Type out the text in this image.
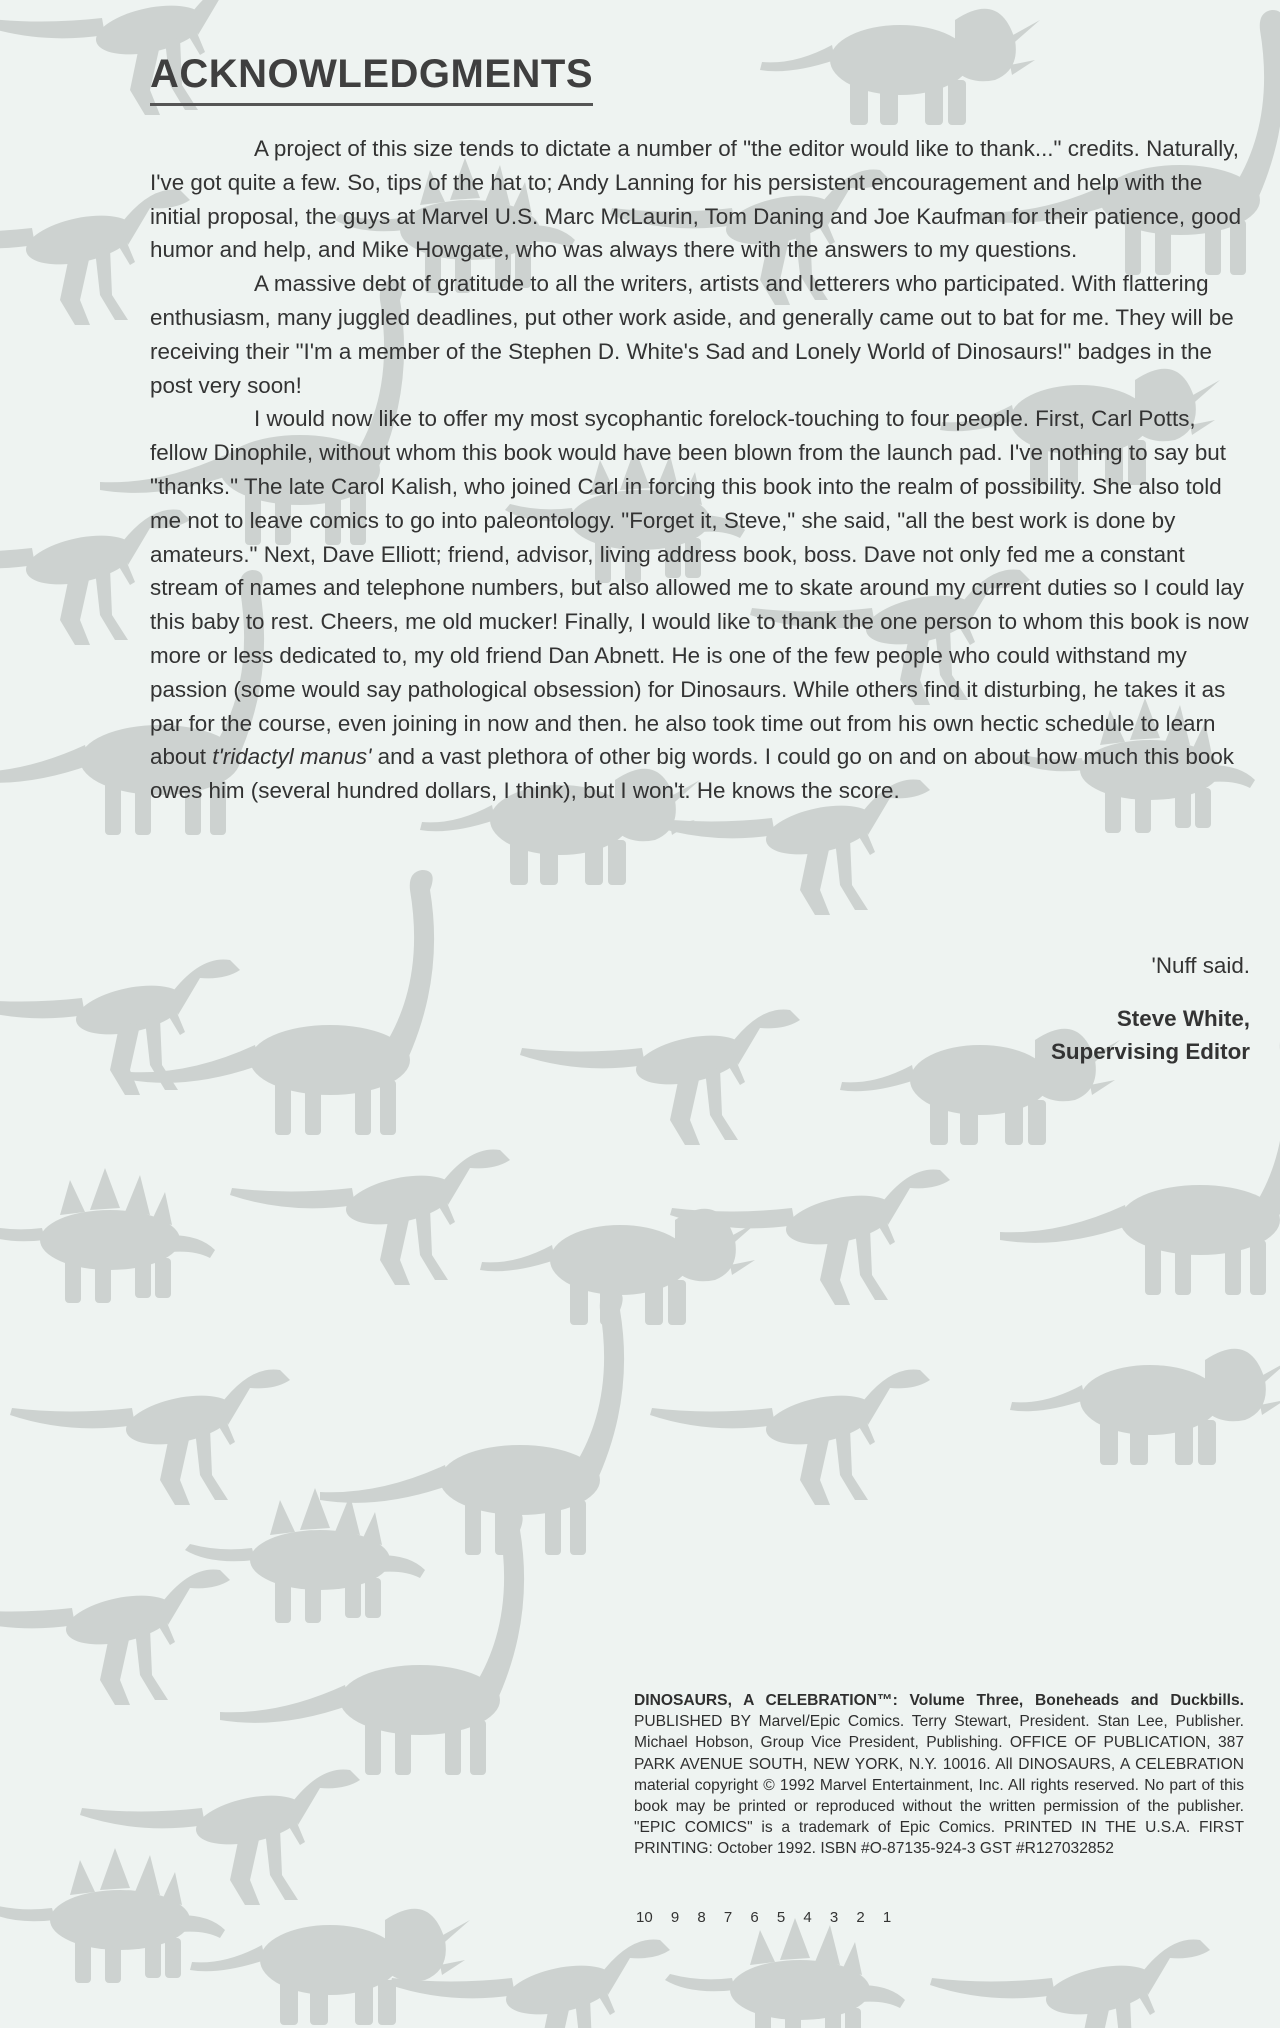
ACKNOWLEDGMENTS

A project of this size tends to dictate a number of "the editor would like to thank..." credits. Naturally, I've got quite a few. So, tips of the hat to; Andy Lanning for his persistent encouragement and help with the initial proposal, the guys at Marvel U.S. Marc McLaurin, Tom Daning and Joe Kaufman for their patience, good humor and help, and Mike Howgate, who was always there with the answers to my questions.

A massive debt of gratitude to all the writers, artists and letterers who participated. With flattering enthusiasm, many juggled deadlines, put other work aside, and generally came out to bat for me. They will be receiving their "I'm a member of the Stephen D. White's Sad and Lonely World of Dinosaurs!" badges in the post very soon!

I would now like to offer my most sycophantic forelock-touching to four people. First, Carl Potts, fellow Dinophile, without whom this book would have been blown from the launch pad. I've nothing to say but "thanks." The late Carol Kalish, who joined Carl in forcing this book into the realm of possibility. She also told me not to leave comics to go into paleontology. "Forget it, Steve," she said, "all the best work is done by amateurs." Next, Dave Elliott; friend, advisor, living address book, boss. Dave not only fed me a constant stream of names and telephone numbers, but also allowed me to skate around my current duties so I could lay this baby to rest. Cheers, me old mucker! Finally, I would like to thank the one person to whom this book is now more or less dedicated to, my old friend Dan Abnett. He is one of the few people who could withstand my passion (some would say pathological obsession) for Dinosaurs. While others find it disturbing, he takes it as par for the course, even joining in now and then. he also took time out from his own hectic schedule to learn about t'ridactyl manus' and a vast plethora of other big words. I could go on and on about how much this book owes him (several hundred dollars, I think), but I won't. He knows the score.

'Nuff said.
Steve White,
Supervising Editor
DINOSAURS, A CELEBRATION™: Volume Three, Boneheads and Duckbills. PUBLISHED BY Marvel/Epic Comics. Terry Stewart, President. Stan Lee, Publisher. Michael Hobson, Group Vice President, Publishing. OFFICE OF PUBLICATION, 387 PARK AVENUE SOUTH, NEW YORK, N.Y. 10016. All DINOSAURS, A CELEBRATION material copyright © 1992 Marvel Entertainment, Inc. All rights reserved. No part of this book may be printed or reproduced without the written permission of the publisher. "EPIC COMICS" is a trademark of Epic Comics. PRINTED IN THE U.S.A. FIRST PRINTING: October 1992. ISBN #O-87135-924-3 GST #R127032852
10 9 8 7 6 5 4 3 2 1
